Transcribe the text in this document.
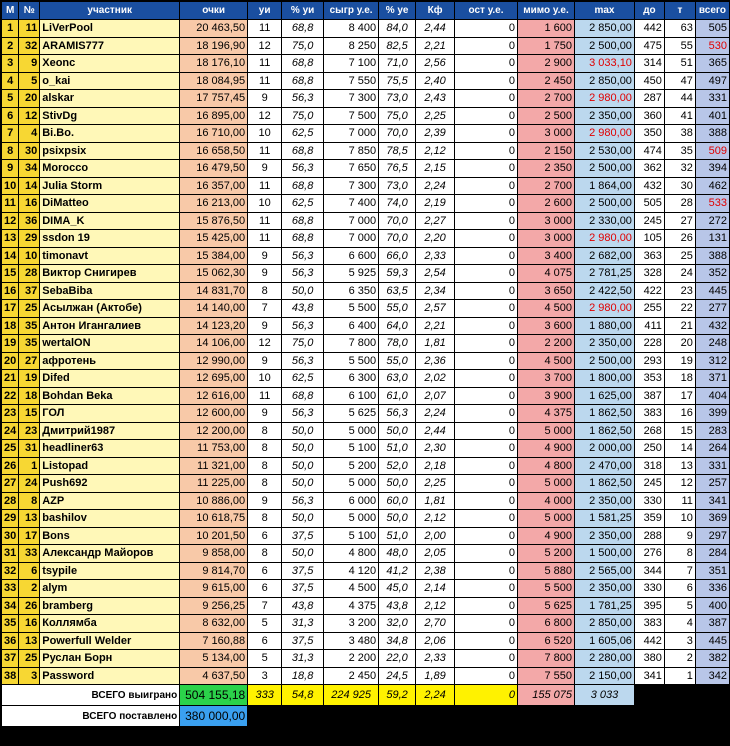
М	№	участник	очки	уи	% уи	сыгр у.е.	% уе	Кф	ост у.е.	мимо у.е.	max	до	т	всего
1	11	LiVerPool	20 463,50	11	68,8	8 400	84,0	2,44	0	1 600	2 850,00	442	63	505
2	32	ARAMIS777	18 196,90	12	75,0	8 250	82,5	2,21	0	1 750	2 500,00	475	55	530
3	9	Xeonc	18 176,10	11	68,8	7 100	71,0	2,56	0	2 900	3 033,10	314	51	365
4	5	o_kai	18 084,95	11	68,8	7 550	75,5	2,40	0	2 450	2 850,00	450	47	497
5	20	alskar	17 757,45	9	56,3	7 300	73,0	2,43	0	2 700	2 980,00	287	44	331
6	12	StivDg	16 895,00	12	75,0	7 500	75,0	2,25	0	2 500	2 350,00	360	41	401
7	4	Bi.Bo.	16 710,00	10	62,5	7 000	70,0	2,39	0	3 000	2 980,00	350	38	388
8	30	psixpsix	16 658,50	11	68,8	7 850	78,5	2,12	0	2 150	2 530,00	474	35	509
9	34	Morocco	16 479,50	9	56,3	7 650	76,5	2,15	0	2 350	2 500,00	362	32	394
10	14	Julia Storm	16 357,00	11	68,8	7 300	73,0	2,24	0	2 700	1 864,00	432	30	462
11	16	DiMatteo	16 213,00	10	62,5	7 400	74,0	2,19	0	2 600	2 500,00	505	28	533
12	36	DIMA_K	15 876,50	11	68,8	7 000	70,0	2,27	0	3 000	2 330,00	245	27	272
13	29	ssdon 19	15 425,00	11	68,8	7 000	70,0	2,20	0	3 000	2 980,00	105	26	131
14	10	timonavt	15 384,00	9	56,3	6 600	66,0	2,33	0	3 400	2 682,00	363	25	388
15	28	Виктор Снигирев	15 062,30	9	56,3	5 925	59,3	2,54	0	4 075	2 781,25	328	24	352
16	37	SebaBiba	14 831,70	8	50,0	6 350	63,5	2,34	0	3 650	2 422,50	422	23	445
17	25	Асылжан (Актобе)	14 140,00	7	43,8	5 500	55,0	2,57	0	4 500	2 980,00	255	22	277
18	35	Антон Игангалиев	14 123,20	9	56,3	6 400	64,0	2,21	0	3 600	1 880,00	411	21	432
19	35	wertalON	14 106,00	12	75,0	7 800	78,0	1,81	0	2 200	2 350,00	228	20	248
20	27	афротень	12 990,00	9	56,3	5 500	55,0	2,36	0	4 500	2 500,00	293	19	312
21	19	Difed	12 695,00	10	62,5	6 300	63,0	2,02	0	3 700	1 800,00	353	18	371
22	18	Bohdan Beka	12 616,00	11	68,8	6 100	61,0	2,07	0	3 900	1 625,00	387	17	404
23	15	ГОЛ	12 600,00	9	56,3	5 625	56,3	2,24	0	4 375	1 862,50	383	16	399
24	23	Дмитрий1987	12 200,00	8	50,0	5 000	50,0	2,44	0	5 000	1 862,50	268	15	283
25	31	headliner63	11 753,00	8	50,0	5 100	51,0	2,30	0	4 900	2 000,00	250	14	264
26	1	Listopad	11 321,00	8	50,0	5 200	52,0	2,18	0	4 800	2 470,00	318	13	331
27	24	Push692	11 225,00	8	50,0	5 000	50,0	2,25	0	5 000	1 862,50	245	12	257
28	8	AZP	10 886,00	9	56,3	6 000	60,0	1,81	0	4 000	2 350,00	330	11	341
29	13	bashilov	10 618,75	8	50,0	5 000	50,0	2,12	0	5 000	1 581,25	359	10	369
30	17	Bons	10 201,50	6	37,5	5 100	51,0	2,00	0	4 900	2 350,00	288	9	297
31	33	Александр Майоров	9 858,00	8	50,0	4 800	48,0	2,05	0	5 200	1 500,00	276	8	284
32	6	tsypile	9 814,70	6	37,5	4 120	41,2	2,38	0	5 880	2 565,00	344	7	351
33	2	alym	9 615,00	6	37,5	4 500	45,0	2,14	0	5 500	2 350,00	330	6	336
34	26	bramberg	9 256,25	7	43,8	4 375	43,8	2,12	0	5 625	1 781,25	395	5	400
35	16	Коллямба	8 632,00	5	31,3	3 200	32,0	2,70	0	6 800	2 850,00	383	4	387
36	13	Powerfull Welder	7 160,88	6	37,5	3 480	34,8	2,06	0	6 520	1 605,06	442	3	445
37	25	Руслан Борн	5 134,00	5	31,3	2 200	22,0	2,33	0	7 800	2 280,00	380	2	382
38	3	Password	4 637,50	3	18,8	2 450	24,5	1,89	0	7 550	2 150,00	341	1	342
ВСЕГО выиграно			504 155,18	333	54,8	224 925	59,2	2,24	0	155 075	3 033			
ВСЕГО поставлено			380 000,00											
